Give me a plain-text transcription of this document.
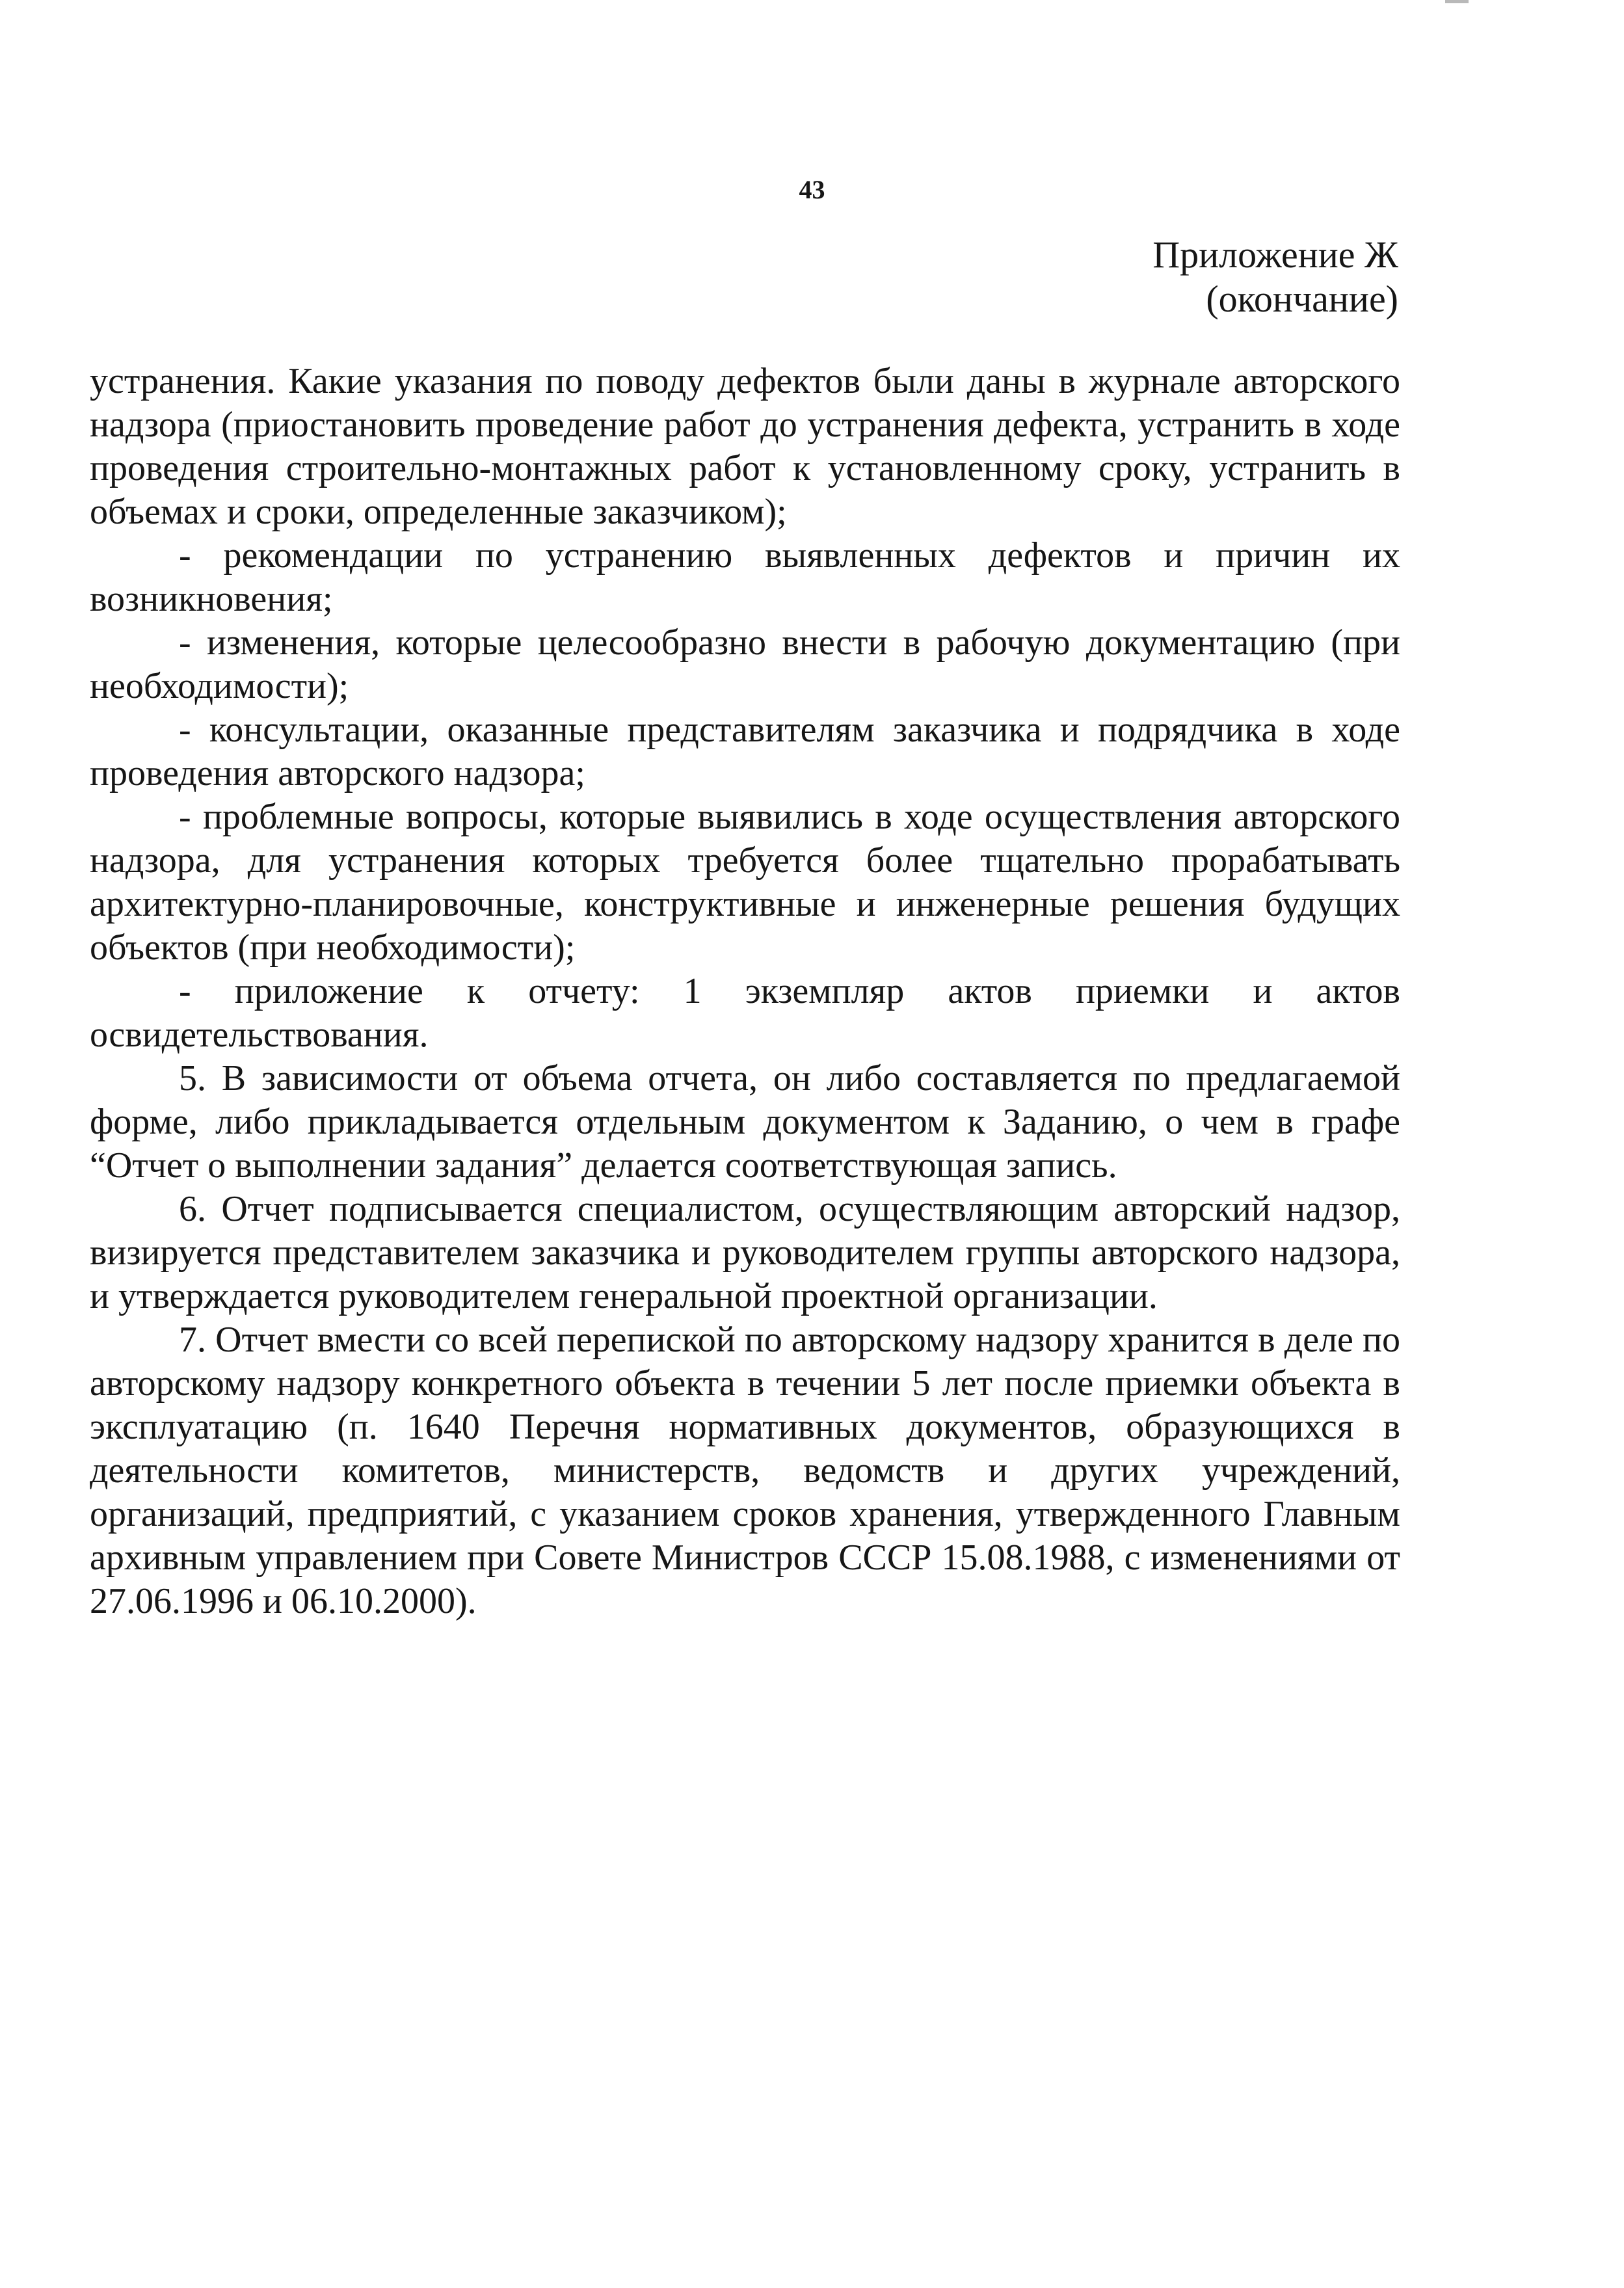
43
Приложение Ж
(окончание)

устранения. Какие указания по поводу дефектов были даны в журнале авторского надзора (приостановить проведение работ до устранения дефекта, устранить в ходе проведения строительно-монтажных работ к установленному сроку, устранить в объемах и сроки, определенные заказчиком);

- рекомендации по устранению выявленных дефектов и причин их возникновения;

- изменения, которые целесообразно внести в рабочую документацию (при необходимости);

- консультации, оказанные представителям заказчика и подрядчика в ходе проведения авторского надзора;

- проблемные вопросы, которые выявились в ходе осуществления авторского надзора, для устранения которых требуется более тщательно прорабатывать архитектурно-планировочные, конструктивные и инженерные решения будущих объектов (при необходимости);

- приложение к отчету: 1 экземпляр актов приемки и актов освидетельствования.

5. В зависимости от объема отчета, он либо составляется по предлагаемой форме, либо прикладывается отдельным документом к Заданию, о чем в графе “Отчет о выполнении задания” делается соответствующая запись.

6. Отчет подписывается специалистом, осуществляющим авторский надзор, визируется представителем заказчика и руководителем группы авторского надзора, и утверждается руководителем генеральной проектной организации.

7. Отчет вмести со всей перепиской по авторскому надзору хранится в деле по авторскому надзору конкретного объекта в течении 5 лет после приемки объекта в эксплуатацию (п. 1640 Перечня нормативных документов, образующихся в деятельности комитетов, министерств, ведомств и других учреждений, организаций, предприятий, с указанием сроков хранения, утвержденного Главным архивным управлением при Совете Министров СССР 15.08.1988, с изменениями от 27.06.1996 и 06.10.2000).
